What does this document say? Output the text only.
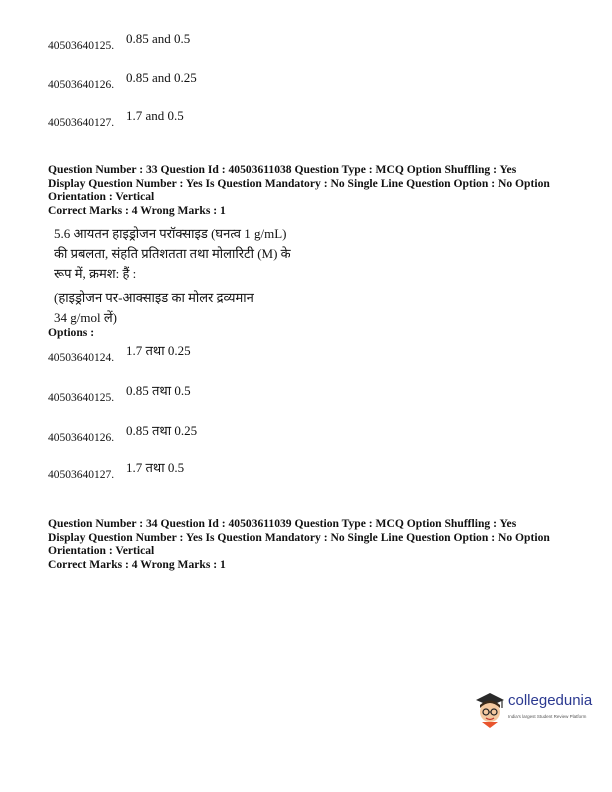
40503640125. 0.85 and 0.5
40503640126. 0.85 and 0.25
40503640127. 1.7 and 0.5
Question Number : 33 Question Id : 40503611038 Question Type : MCQ Option Shuffling : Yes
Display Question Number : Yes Is Question Mandatory : No Single Line Question Option : No Option
Orientation : Vertical
Correct Marks : 4 Wrong Marks : 1
5.6 आयतन हाइड्रोजन परॉक्साइड (घनत्व 1 g/mL)
की प्रबलता, संहति प्रतिशतता तथा मोलारिटी (M) के
रूप में, क्रमश: हैं :
(हाइड्रोजन पर-आक्साइड का मोलर द्रव्यमान
34 g/mol लें)
Options :
40503640124. 1.7 तथा 0.25
40503640125. 0.85 तथा 0.5
40503640126. 0.85 तथा 0.25
40503640127. 1.7 तथा 0.5
Question Number : 34 Question Id : 40503611039 Question Type : MCQ Option Shuffling : Yes
Display Question Number : Yes Is Question Mandatory : No Single Line Question Option : No Option
Orientation : Vertical
Correct Marks : 4 Wrong Marks : 1
collegedunia
India's largest Student Review Platform
